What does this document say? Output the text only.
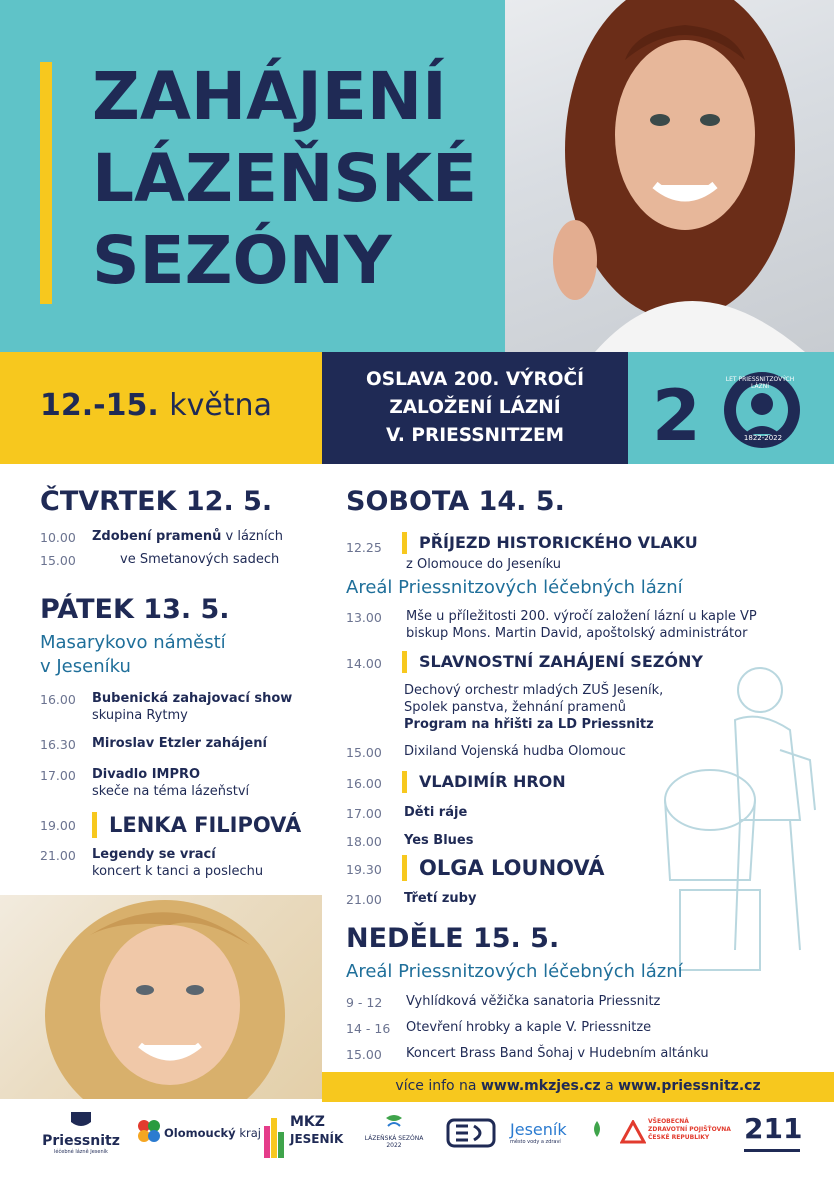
ZAHÁJENÍ
LÁZEŇSKÉ
SEZÓNY
12.-15. května
OSLAVA 200. VÝROČÍ
ZALOŽENÍ LÁZNÍ
V. PRIESSNITZEM	2	LET PRIESSNITZOVÝCH LÁZNÍ
1822-2022
ČTVRTEK 12. 5.
10.00 Zdobení pramenů v lázních
15.00	ve Smetanových sadech
PÁTEK 13. 5.
Masarykovo náměstí
v Jeseníku
16.00 Bubenická zahajovací show
skupina Rytmy
16.30 Miroslav Etzler zahájení
17.00 Divadlo IMPRO
skeče na téma lázeňství
19.00	LENKA FILIPOVÁ
21.00 Legendy se vrací
koncert k tanci a poslechu
SOBOTA 14. 5.
12.25	PŘÍJEZD HISTORICKÉHO VLAKU
z Olomouce do Jeseníku
Areál Priessnitzových léčebných lázní
13.00 Mše u příležitosti 200. výročí založení lázní u kaple VP
biskup Mons. Martin David, apoštolský administrátor
14.00	SLAVNOSTNÍ ZAHÁJENÍ SEZÓNY
Dechový orchestr mladých ZUŠ Jeseník,
Spolek panstva, žehnání pramenů
Program na hřišti za LD Priessnitz
15.00 Dixiland Vojenská hudba Olomouc
16.00	VLADIMÍR HRON
17.00 Děti ráje
18.00 Yes Blues
19.30	OLGA LOUNOVÁ
21.00 Třetí zuby
NEDĚLE 15. 5.
Areál Priessnitzových léčebných lázní
9 - 12 Vyhlídková věžička sanatoria Priessnitz
14 - 16 Otevření hrobky a kaple V. Priessnitze
15.00 Koncert Brass Band Šohaj v Hudebním altánku
více info na www.mkzjes.cz a www.priessnitz.cz
Priessnitz
léčebné lázně Jeseník
Olomoucký kraj
MKZ
JESENÍK	LÁZEŇSKÁ SEZÓNA
2022
Jeseník
město vody a zdraví
VŠEOBECNÁ
ZDRAVOTNÍ POJIŠŤOVNA
ČESKÉ REPUBLIKY	211
